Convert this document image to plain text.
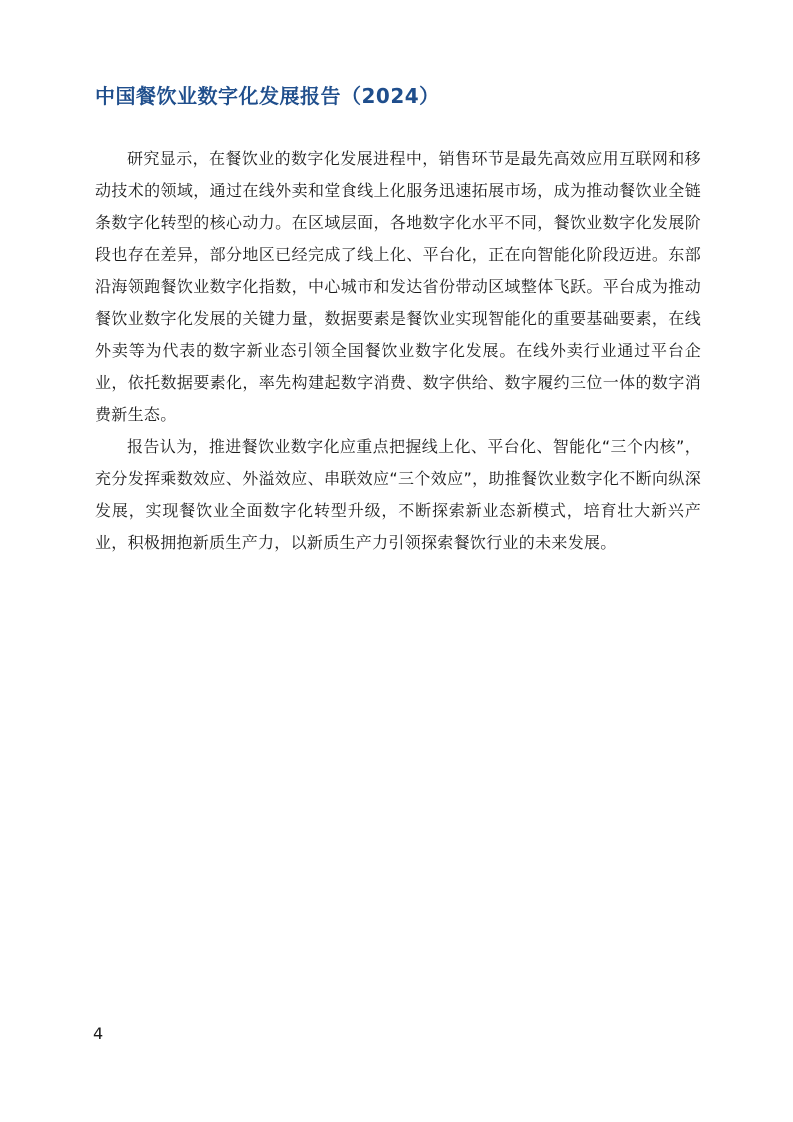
中国餐饮业数字化发展报告（2024）

研究显示，在餐饮业的数字化发展进程中，销售环节是最先高效应用互联网和移动技术的领域，通过在线外卖和堂食线上化服务迅速拓展市场，成为推动餐饮业全链条数字化转型的核心动力。在区域层面，各地数字化水平不同，餐饮业数字化发展阶段也存在差异，部分地区已经完成了线上化、平台化，正在向智能化阶段迈进。东部沿海领跑餐饮业数字化指数，中心城市和发达省份带动区域整体飞跃。平台成为推动餐饮业数字化发展的关键力量，数据要素是餐饮业实现智能化的重要基础要素，在线外卖等为代表的数字新业态引领全国餐饮业数字化发展。在线外卖行业通过平台企业，依托数据要素化，率先构建起数字消费、数字供给、数字履约三位一体的数字消费新生态。

报告认为，推进餐饮业数字化应重点把握线上化、平台化、智能化“三个内核”，充分发挥乘数效应、外溢效应、串联效应“三个效应”，助推餐饮业数字化不断向纵深发展，实现餐饮业全面数字化转型升级，不断探索新业态新模式，培育壮大新兴产业，积极拥抱新质生产力，以新质生产力引领探索餐饮行业的未来发展。

4
